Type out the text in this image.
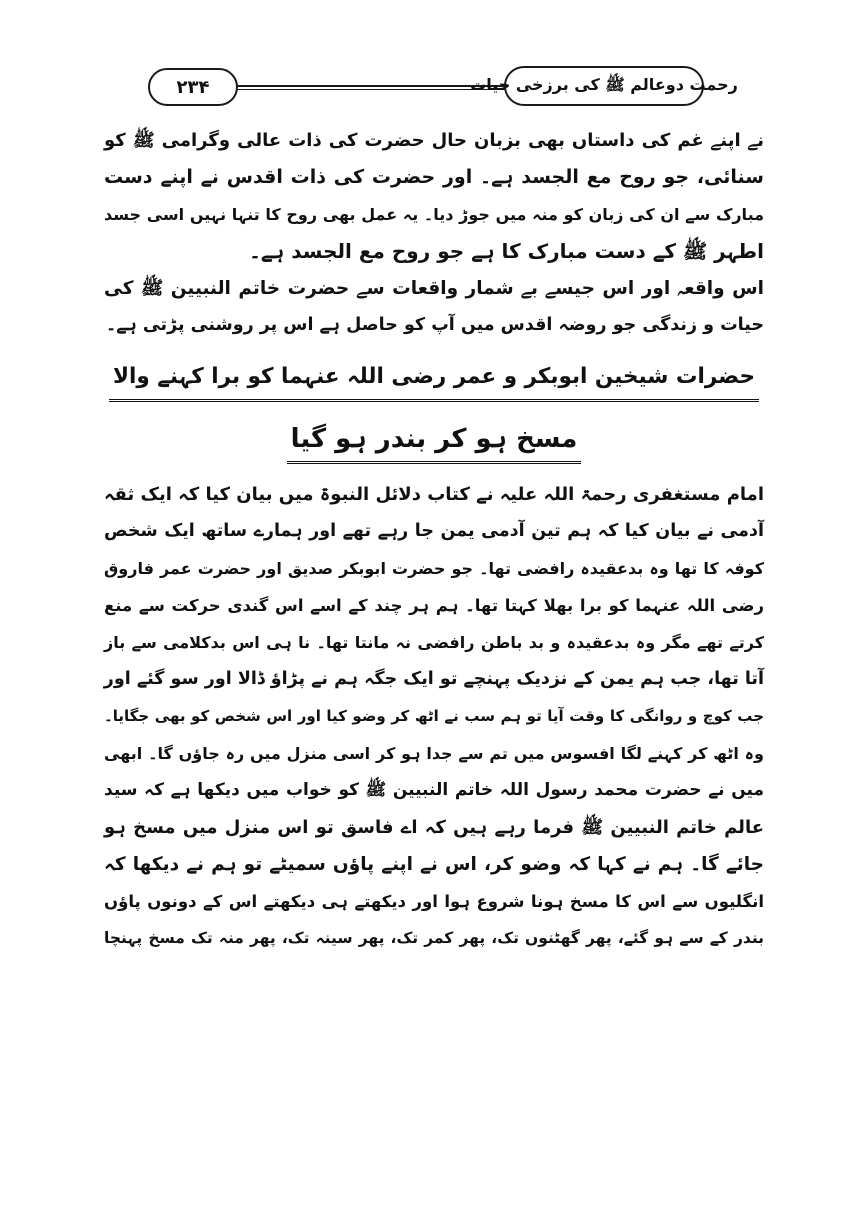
۲۳۴	رحمت دوعالم ﷺ کی برزخی حیات
نے اپنے غم کی داستاں بھی بزبان حال حضرت کی ذات عالی وگرامی ﷺ کو
سنائی، جو روح مع الجسد ہے۔ اور حضرت کی ذات اقدس نے اپنے دست
مبارک سے ان کی زبان کو منہ میں جوڑ دیا۔ یہ عمل بھی روح کا تنہا نہیں اسی جسد
اطہر ﷺ کے دست مبارک کا ہے جو روح مع الجسد ہے۔
اس واقعہ اور اس جیسے بے شمار واقعات سے حضرت خاتم النبیین ﷺ کی
حیات و زندگی جو روضہ اقدس میں آپ کو حاصل ہے اس پر روشنی پڑتی ہے۔
حضرات شیخین ابوبکر و عمر رضی اللہ عنہما کو برا کہنے والا
مسخ ہو کر بندر ہو گیا
امام مستغفری رحمۃ اللہ علیہ نے کتاب دلائل النبوۃ میں بیان کیا کہ ایک ثقہ
آدمی نے بیان کیا کہ ہم تین آدمی یمن جا رہے تھے اور ہمارے ساتھ ایک شخص
کوفہ کا تھا وہ بدعقیدہ رافضی تھا۔ جو حضرت ابوبکر صدیق اور حضرت عمر فاروق
رضی اللہ عنہما کو برا بھلا کہتا تھا۔ ہم ہر چند کے اسے اس گندی حرکت سے منع
کرتے تھے مگر وہ بدعقیدہ و بد باطن رافضی نہ مانتا تھا۔ نا ہی اس بدکلامی سے باز
آتا تھا، جب ہم یمن کے نزدیک پہنچے تو ایک جگہ ہم نے پڑاؤ ڈالا اور سو گئے اور
جب کوچ و روانگی کا وقت آیا تو ہم سب نے اٹھ کر وضو کیا اور اس شخص کو بھی جگایا۔
وہ اٹھ کر کہنے لگا افسوس میں تم سے جدا ہو کر اسی منزل میں رہ جاؤں گا۔ ابھی
میں نے حضرت محمد رسول اللہ خاتم النبیین ﷺ کو خواب میں دیکھا ہے کہ سید
عالم خاتم النبیین ﷺ فرما رہے ہیں کہ اے فاسق تو اس منزل میں مسخ ہو
جائے گا۔ ہم نے کہا کہ وضو کر، اس نے اپنے پاؤں سمیٹے تو ہم نے دیکھا کہ
انگلیوں سے اس کا مسخ ہونا شروع ہوا اور دیکھتے ہی دیکھتے اس کے دونوں پاؤں
بندر کے سے ہو گئے، پھر گھٹنوں تک، پھر کمر تک، پھر سینہ تک، پھر منہ تک مسخ پہنچا
